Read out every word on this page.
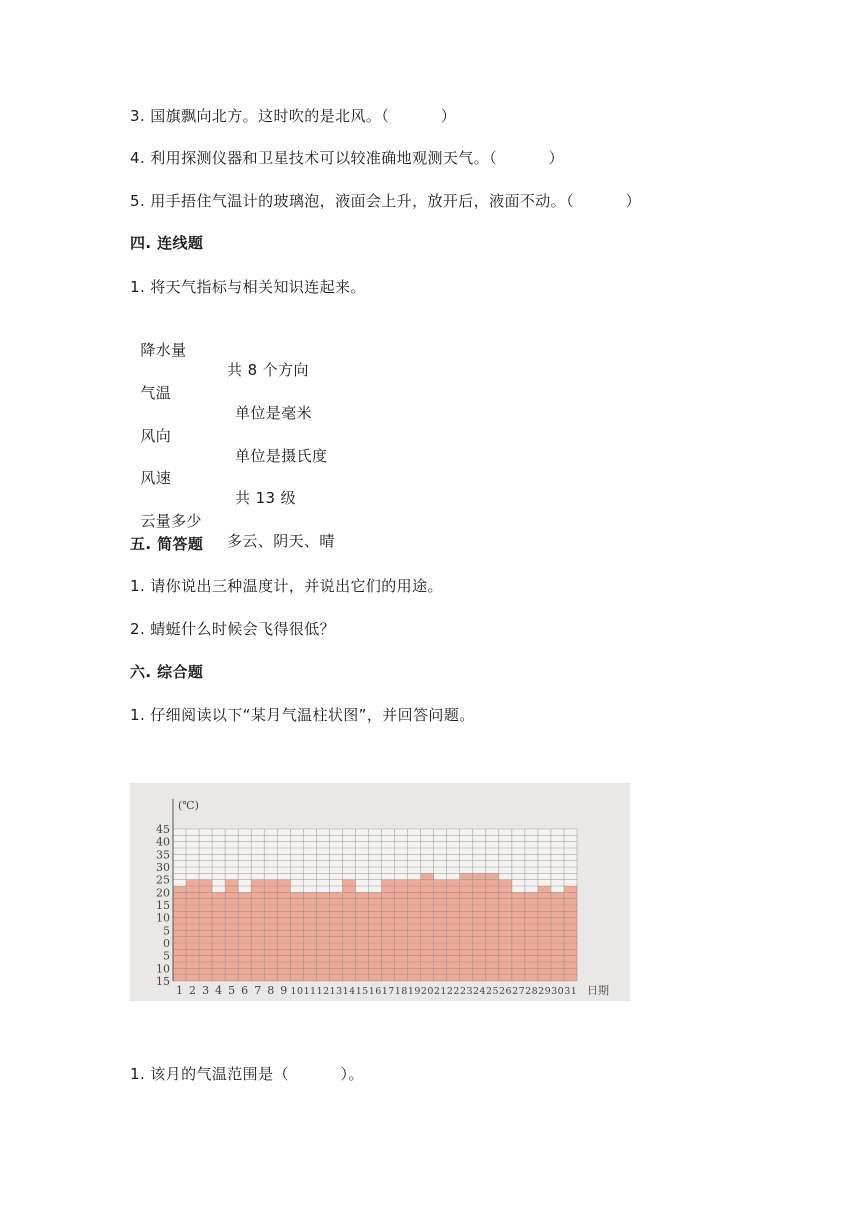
3. 国旗飘向北方。这时吹的是北风。（          ）
4. 利用探测仪器和卫星技术可以较准确地观测天气。（          ）
5. 用手捂住气温计的玻璃泡，液面会上升，放开后，液面不动。（          ）
四. 连线题
1. 将天气指标与相关知识连起来。

降水量

共 8 个方向

气温

单位是毫米

风向

单位是摄氏度

风速

共 13 级

云量多少

多云、阴天、晴

五. 简答题
1. 请你说出三种温度计，并说出它们的用途。
2. 蜻蜓什么时候会飞得很低？
六. 综合题
1. 仔细阅读以下“某月气温柱状图”，并回答问题。
(℃)
45
40
35
30
25
20
15
10
5
0
5
10
15
1 2 3 4 5 6 7 8 9 10 11 12 13 14 15 16 17 18 19 20 21 22 23 24 25 26 27 28 29 30 31 日期
1. 该月的气温范围是（          ）。
